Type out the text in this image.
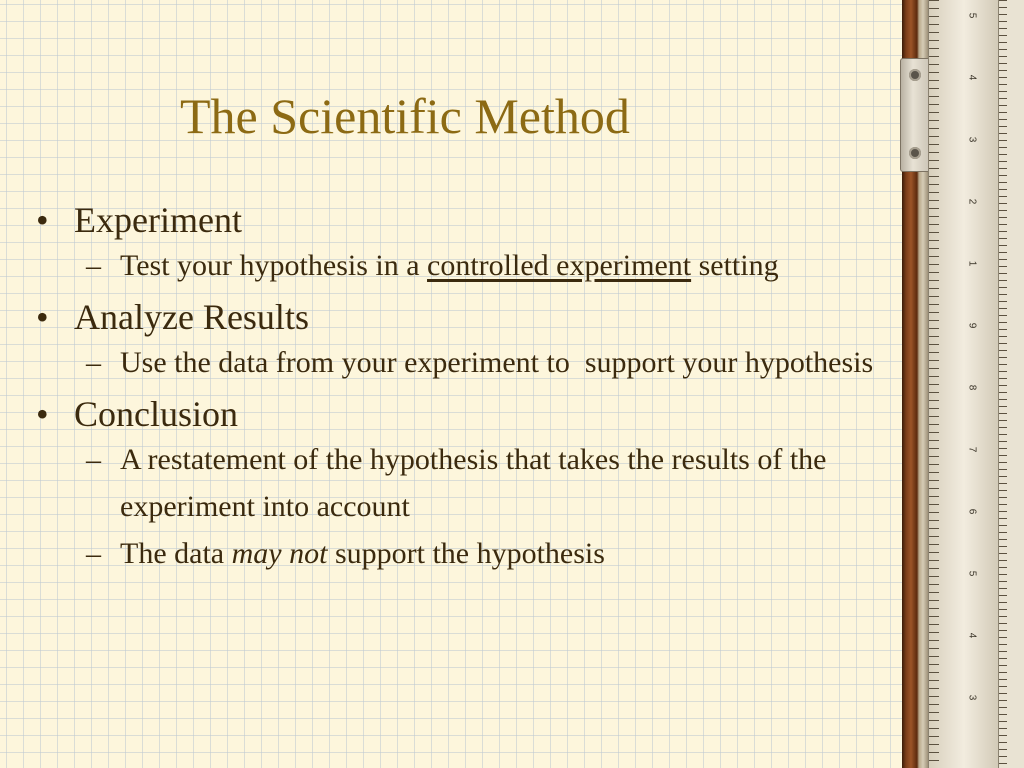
The Scientific Method
• Experiment
– Test your hypothesis in a controlled experiment setting
• Analyze Results
– Use the data from your experiment to  support your hypothesis
• Conclusion
– A restatement of the hypothesis that takes the results of the experiment into account
– The data may not support the hypothesis
5
4
3
2
1
9
8
7
6
5
4
3
